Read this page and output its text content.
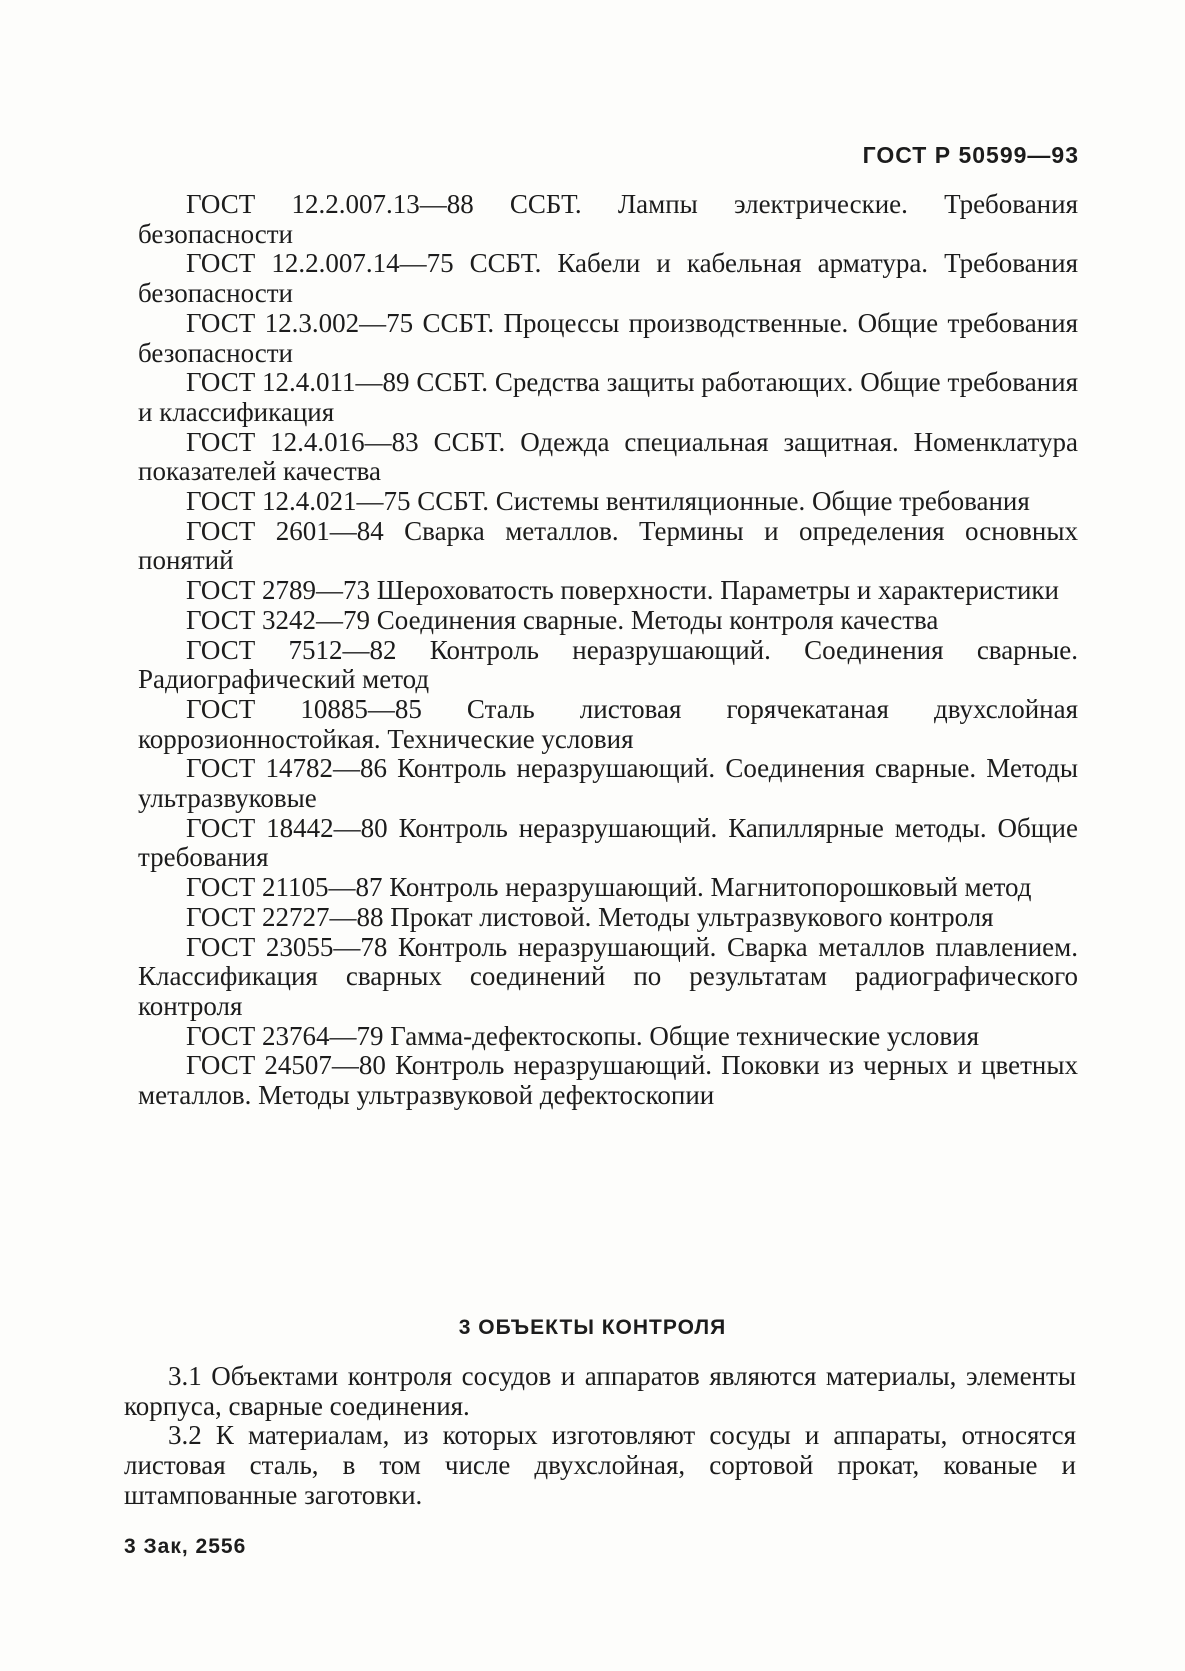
ГОСТ Р 50599—93

ГОСТ 12.2.007.13—88 ССБТ. Лампы электрические. Требования безопасности

ГОСТ 12.2.007.14—75 ССБТ. Кабели и кабельная арматура. Требования безопасности

ГОСТ 12.3.002—75 ССБТ. Процессы производственные. Общие требования безопасности

ГОСТ 12.4.011—89 ССБТ. Средства защиты работающих. Общие требования и классификация

ГОСТ 12.4.016—83 ССБТ. Одежда специальная защитная. Номенклатура показателей качества

ГОСТ 12.4.021—75 ССБТ. Системы вентиляционные. Общие требования

ГОСТ 2601—84 Сварка металлов. Термины и определения основных понятий

ГОСТ 2789—73 Шероховатость поверхности. Параметры и характеристики

ГОСТ 3242—79 Соединения сварные. Методы контроля качества

ГОСТ 7512—82 Контроль неразрушающий. Соединения сварные. Радиографический метод

ГОСТ 10885—85 Сталь листовая горячекатаная двухслойная коррозионностойкая. Технические условия

ГОСТ 14782—86 Контроль неразрушающий. Соединения сварные. Методы ультразвуковые

ГОСТ 18442—80 Контроль неразрушающий. Капиллярные методы. Общие требования

ГОСТ 21105—87 Контроль неразрушающий. Магнитопорошковый метод

ГОСТ 22727—88 Прокат листовой. Методы ультразвукового контроля

ГОСТ 23055—78 Контроль неразрушающий. Сварка металлов плавлением. Классификация сварных соединений по результатам радиографического контроля

ГОСТ 23764—79 Гамма-дефектоскопы. Общие технические условия

ГОСТ 24507—80 Контроль неразрушающий. Поковки из черных и цветных металлов. Методы ультразвуковой дефектоскопии

3 ОБЪЕКТЫ КОНТРОЛЯ

3.1 Объектами контроля сосудов и аппаратов являются материалы, элементы корпуса, сварные соединения.

3.2 К материалам, из которых изготовляют сосуды и аппараты, относятся листовая сталь, в том числе двухслойная, сортовой прокат, кованые и штампованные заготовки.

3 Зак, 2556
